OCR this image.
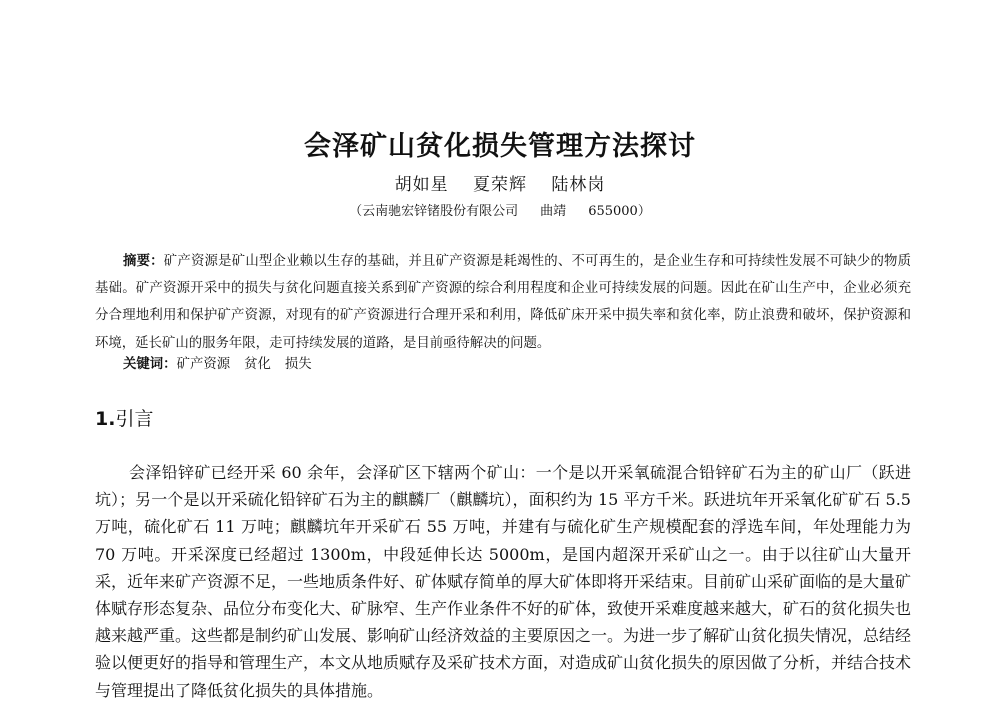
会泽矿山贫化损失管理方法探讨
胡如星 夏荣辉 陆林岗
（云南驰宏锌锗股份有限公司 曲靖 655000）

摘要：矿产资源是矿山型企业赖以生存的基础，并且矿产资源是耗竭性的、不可再生的，是企业生存和可持续性发展不可缺少的物质基础。矿产资源开采中的损失与贫化问题直接关系到矿产资源的综合利用程度和企业可持续发展的问题。因此在矿山生产中，企业必须充分合理地利用和保护矿产资源，对现有的矿产资源进行合理开采和利用，降低矿床开采中损失率和贫化率，防止浪费和破坏，保护资源和环境，延长矿山的服务年限，走可持续发展的道路，是目前亟待解决的问题。

关键词：矿产资源 贫化 损失
1.引言

会泽铅锌矿已经开采 60 余年，会泽矿区下辖两个矿山：一个是以开采氧硫混合铅锌矿石为主的矿山厂（跃进坑）；另一个是以开采硫化铅锌矿石为主的麒麟厂（麒麟坑），面积约为 15 平方千米。跃进坑年开采氧化矿矿石 5.5 万吨，硫化矿石 11 万吨；麒麟坑年开采矿石 55 万吨，并建有与硫化矿生产规模配套的浮选车间，年处理能力为 70 万吨。开采深度已经超过 1300m，中段延伸长达 5000m，是国内超深开采矿山之一。由于以往矿山大量开采，近年来矿产资源不足，一些地质条件好、矿体赋存简单的厚大矿体即将开采结束。目前矿山采矿面临的是大量矿体赋存形态复杂、品位分布变化大、矿脉窄、生产作业条件不好的矿体，致使开采难度越来越大，矿石的贫化损失也越来越严重。这些都是制约矿山发展、影响矿山经济效益的主要原因之一。为进一步了解矿山贫化损失情况，总结经验以便更好的指导和管理生产，本文从地质赋存及采矿技术方面，对造成矿山贫化损失的原因做了分析，并结合技术与管理提出了降低贫化损失的具体措施。
